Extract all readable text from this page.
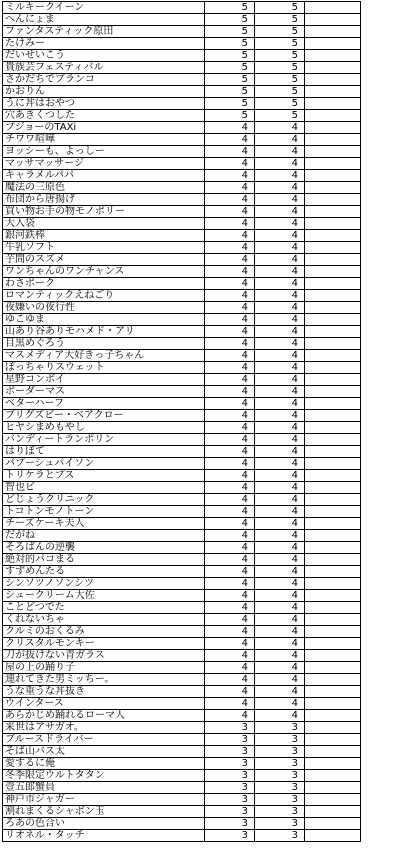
ミルキークイーン	5	5	
へんにょま	5	5	
ファンタスティック原田	5	5	
たけみー	5	5	
だいせいこう	5	5	
貴族芸フェスティバル	5	5	
さかだちでブランコ	5	5	
かおりん	5	5	
うに丼はおやつ	5	5	
穴あきくつした	5	5	
プジョーのTAXi	4	4	
チワワ喧嘩	4	4	
ヨッシーも、よっしー	4	4	
マッサマッサージ	4	4	
キャラメルパパ	4	4	
魔法の三原色	4	4	
布団から唐揚げ	4	4	
買い物お手の物モノポリー	4	4	
大入袋	4	4	
銀河鉄棒	4	4	
牛乳ソフト	4	4	
芋間のスズメ	4	4	
ワンちゃんのワンチャンス	4	4	
わさポーク	4	4	
ロマンティックえねごり	4	4	
夜嫌いの夜行性	4	4	
ゆこゆま	4	4	
山あり谷ありモハメド・アリ	4	4	
目黒めぐろう	4	4	
マスメディア大好きっ子ちゃん	4	4	
ぽっちゃりスウェット	4	4	
星野コンボイ	4	4	
ボーダーマス	4	4	
ベターハーフ	4	4	
ブリグズビー・ベアクロー	4	4	
ヒヤシまめもやし	4	4	
バンディートランポリン	4	4	
はりぼて	4	4	
パプーシュパイソン	4	4	
トリケラとプス	4	4	
智也ビ	4	4	
どじょうクリニック	4	4	
トコトンモノトーン	4	4	
チーズケーキ夫人	4	4	
だがね	4	4	
そろばんの逆襲	4	4	
絶対的パコまる	4	4	
すずめんたる	4	4	
シンソツノソンシツ	4	4	
シュークリーム大佐	4	4	
ことどつでた	4	4	
くれないちゃ	4	4	
クルミのおくるみ	4	4	
クリスタルモンキー	4	4	
刀が抜けない青ガラス	4	4	
屋の上の踊り子	4	4	
連れてきた男ミッちー。	4	4	
うな重うな丼抜き	4	4	
ウインタース	4	4	
あらかじめ踊れるローマ人	4	4	
来世はアサガオ。	3	3	
ブルースドライバー	3	3	
そば山バス太	3	3	
愛するに俺	3	3	
冬季限定ウルトタタン	3	3	
壹五郎蟹員	3	3	
神戸市ジャガー	3	3	
割れまくるシャボン玉	3	3	
ろあの色合い	3	3	
リオネル・タッチ	3	3	
